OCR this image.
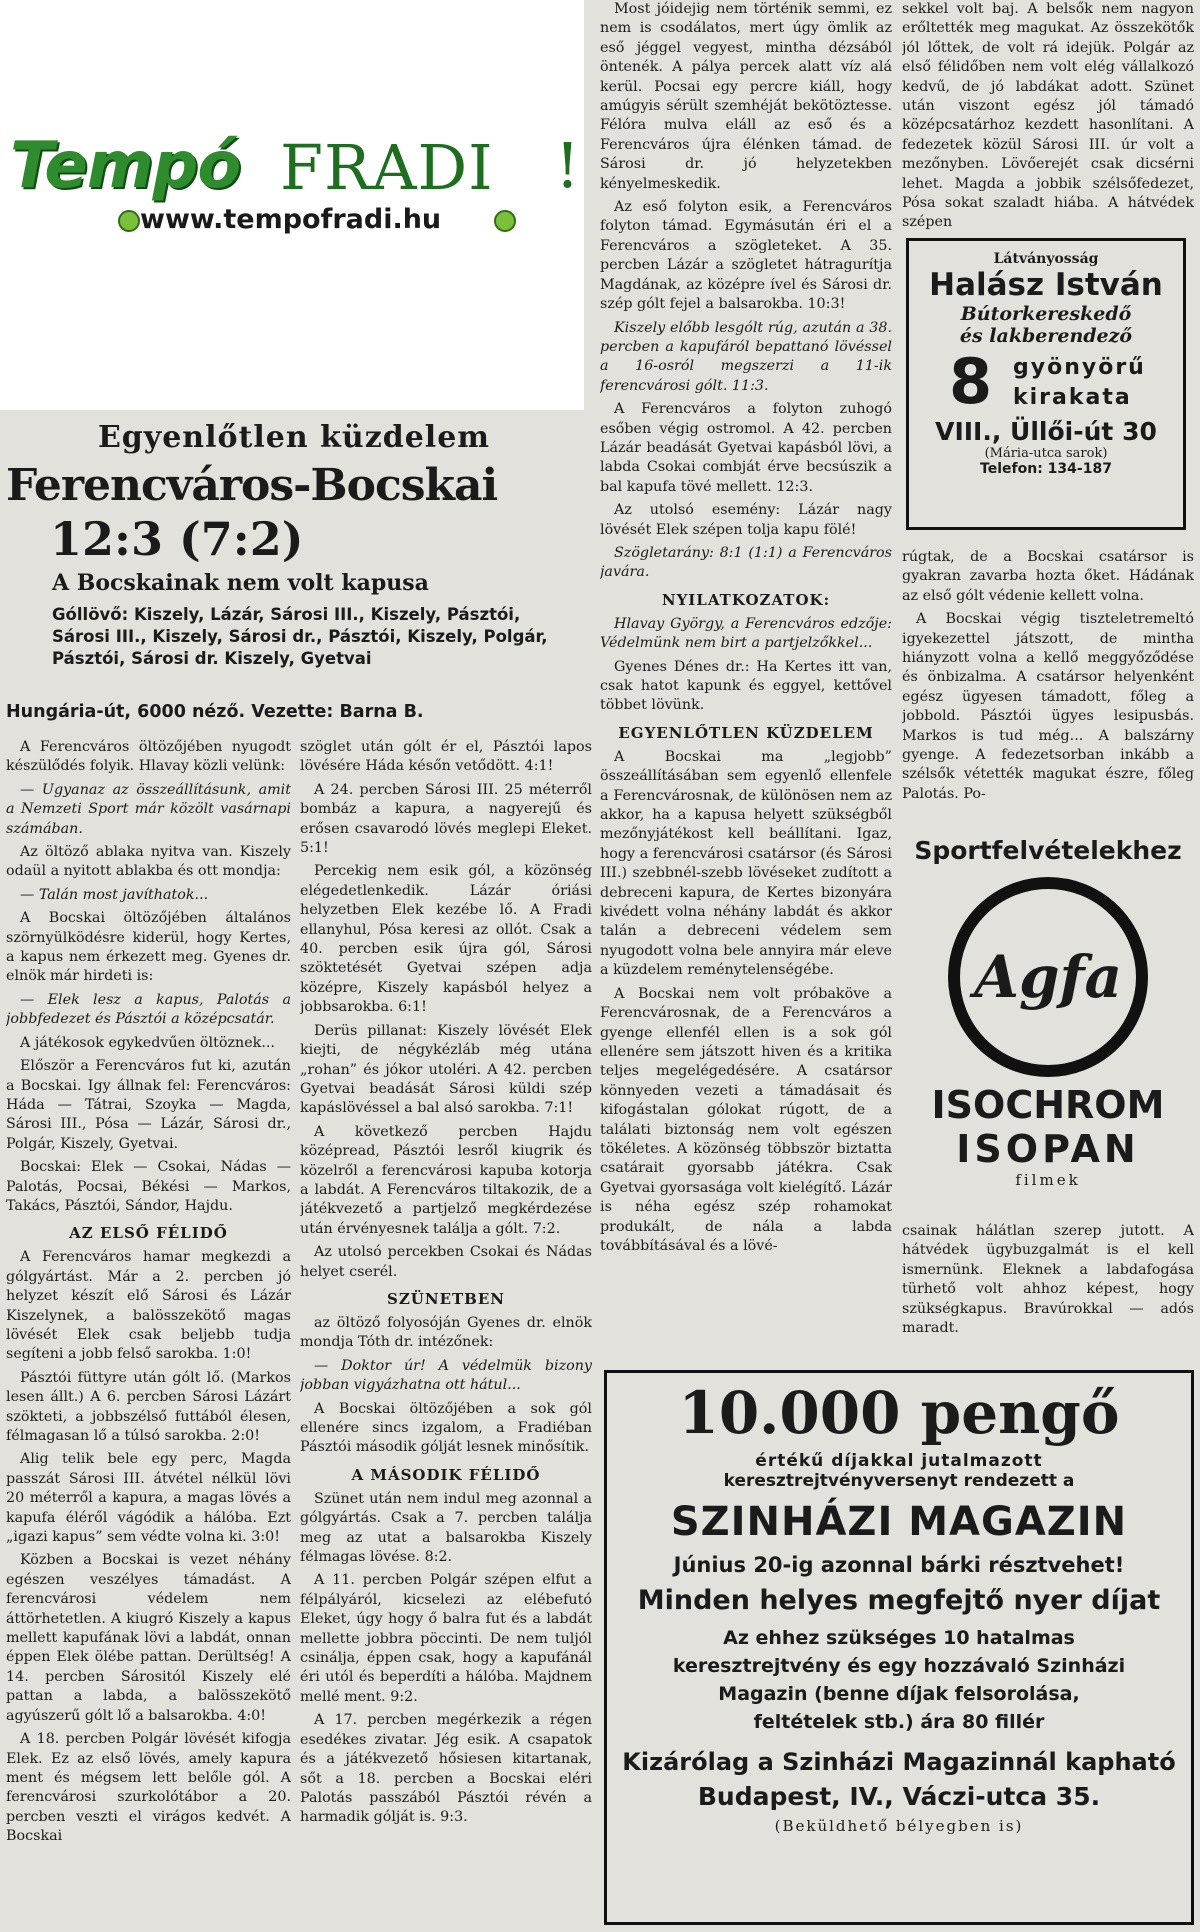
Tempó FRADI !
www.tempofradi.hu
Egyenlőtlen küzdelem
Ferencváros-Bocskai
12:3 (7:2)
A Bocskainak nem volt kapusa
Góllövő: Kiszely, Lázár, Sárosi III., Kiszely, Pásztói, Sárosi III., Kiszely, Sárosi dr., Pásztói, Kiszely, Polgár, Pásztói, Sárosi dr. Kiszely, Gyetvai
Hungária-út, 6000 néző. Vezette: Barna B.

A Ferencváros öltözőjében nyugodt készülődés folyik. Hlavay közli velünk:

— Ugyanaz az összeállításunk, amit a Nemzeti Sport már közölt vasárnapi számában.

Az öltöző ablaka nyitva van. Kiszely odaül a nyitott ablakba és ott mondja:

— Talán most javíthatok...

A Bocskai öltözőjében általános szörnyülködésre kiderül, hogy Kertes, a kapus nem érkezett meg. Gyenes dr. elnök már hirdeti is:

— Elek lesz a kapus, Palotás a jobbfedezet és Pásztói a középcsatár.

A játékosok egykedvűen öltöznek...

Először a Ferencváros fut ki, azután a Bocskai. Igy állnak fel: Ferencváros: Háda — Tátrai, Szoyka — Magda, Sárosi III., Pósa — Lázár, Sárosi dr., Polgár, Kiszely, Gyetvai.

Bocskai: Elek — Csokai, Nádas — Palotás, Pocsai, Békési — Markos, Takács, Pásztói, Sándor, Hajdu.

AZ ELSŐ FÉLIDŐ

A Ferencváros hamar megkezdi a gólgyártást. Már a 2. percben jó helyzet készít elő Sárosi és Lázár Kiszelynek, a balösszekötő magas lövését Elek csak beljebb tudja segíteni a jobb felső sarokba. 1:0!

Pásztói füttyre után gólt lő. (Markos lesen állt.) A 6. percben Sárosi Lázárt szökteti, a jobbszélső futtából élesen, félmagasan lő a túlsó sarokba. 2:0!

Alig telik bele egy perc, Magda passzát Sárosi III. átvétel nélkül lövi 20 méterről a kapura, a magas lövés a kapufa éléről vágódik a hálóba. Ezt „igazi kapus” sem védte volna ki. 3:0!

Közben a Bocskai is vezet néhány egészen veszélyes támadást. A ferencvárosi védelem nem áttörhetetlen. A kiugró Kiszely a kapus mellett kapufának lövi a labdát, onnan éppen Elek ölébe pattan. Derültség! A 14. percben Sárositól Kiszely elé pattan a labda, a balösszekötő agyúszerű gólt lő a balsarokba. 4:0!

A 18. percben Polgár lövését kifogja Elek. Ez az első lövés, amely kapura ment és mégsem lett belőle gól. A ferencvárosi szurkolótábor a 20. percben veszti el virágos kedvét. A Bocskai

szöglet után gólt ér el, Pásztói lapos lövésére Háda későn vetődött. 4:1!

A 24. percben Sárosi III. 25 méterről bombáz a kapura, a nagyerejű és erősen csavarodó lövés meglepi Eleket. 5:1!

Percekig nem esik gól, a közönség elégedetlenkedik. Lázár óriási helyzetben Elek kezébe lő. A Fradi ellanyhul, Pósa keresi az ollót. Csak a 40. percben esik újra gól, Sárosi szöktetését Gyetvai szépen adja középre, Kiszely kapásból helyez a jobbsarokba. 6:1!

Derüs pillanat: Kiszely lövését Elek kiejti, de négykézláb még utána „rohan” és jókor utoléri. A 42. percben Gyetvai beadását Sárosi küldi szép kapáslövéssel a bal alsó sarokba. 7:1!

A következő percben Hajdu középread, Pásztói lesről kiugrik és közelről a ferencvárosi kapuba kotorja a labdát. A Ferencváros tiltakozik, de a játékvezető a partjelző megkérdezése után érvényesnek találja a gólt. 7:2.

Az utolsó percekben Csokai és Nádas helyet cserél.

SZÜNETBEN

az öltöző folyosóján Gyenes dr. elnök mondja Tóth dr. intézőnek:

— Doktor úr! A védelmük bizony jobban vigyázhatna ott hátul...

A Bocskai öltözőjében a sok gól ellenére sincs izgalom, a Fradiéban Pásztói második gólját lesnek minősítik.

A MÁSODIK FÉLIDŐ

Szünet után nem indul meg azonnal a gólgyártás. Csak a 7. percben találja meg az utat a balsarokba Kiszely félmagas lövése. 8:2.

A 11. percben Polgár szépen elfut a félpályáról, kicselezi az elébefutó Eleket, úgy hogy ő balra fut és a labdát mellette jobbra pöccinti. De nem tuljól csinálja, éppen csak, hogy a kapufánál éri utól és beperdíti a hálóba. Majdnem mellé ment. 9:2.

A 17. percben megérkezik a régen esedékes zivatar. Jég esik. A csapatok és a játékvezető hősiesen kitartanak, sőt a 18. percben a Bocskai eléri Palotás passzából Pásztói révén a harmadik gólját is. 9:3.

Most jóidejig nem történik semmi, ez nem is csodálatos, mert úgy ömlik az eső jéggel vegyest, mintha dézsából öntenék. A pálya percek alatt víz alá kerül. Pocsai egy percre kiáll, hogy amúgyis sérült szemhéját bekötöztesse. Félóra mulva eláll az eső és a Ferencváros újra élénken támad. de Sárosi dr. jó helyzetekben kényelmeskedik.

Az eső folyton esik, a Ferencváros folyton támad. Egymásután éri el a Ferencváros a szögleteket. A 35. percben Lázár a szögletet hátragurítja Magdának, az középre ível és Sárosi dr. szép gólt fejel a balsarokba. 10:3!

Kiszely előbb lesgólt rúg, azután a 38. percben a kapufáról bepattanó lövéssel a 16-osról megszerzi a 11-ik ferencvárosi gólt. 11:3.

A Ferencváros a folyton zuhogó esőben végig ostromol. A 42. percben Lázár beadását Gyetvai kapásból lövi, a labda Csokai combját érve becsúszik a bal kapufa tövé mellett. 12:3.

Az utolsó esemény: Lázár nagy lövését Elek szépen tolja kapu fölé!

Szögletarány: 8:1 (1:1) a Ferencváros javára.

NYILATKOZATOK:

Hlavay György, a Ferencváros edzője: Védelmünk nem birt a partjelzőkkel...

Gyenes Dénes dr.: Ha Kertes itt van, csak hatot kapunk és eggyel, kettővel többet lövünk.

EGYENLŐTLEN KÜZDELEM

A Bocskai ma „legjobb” összeállításában sem egyenlő ellenfele a Ferencvárosnak, de különösen nem az akkor, ha a kapusa helyett szükségből mezőnyjátékost kell beállítani. Igaz, hogy a ferencvárosi csatársor (és Sárosi III.) szebbnél-szebb lövéseket zudított a debreceni kapura, de Kertes bizonyára kivédett volna néhány labdát és akkor talán a debreceni védelem sem nyugodott volna bele annyira már eleve a küzdelem reménytelenségébe.

A Bocskai nem volt próbaköve a Ferencvárosnak, de a Ferencváros a gyenge ellenfél ellen is a sok gól ellenére sem játszott hiven és a kritika teljes megelégedésére. A csatársor könnyeden vezeti a támadásait és kifogástalan gólokat rúgott, de a találati biztonság nem volt egészen tökéletes. A közönség többször biztatta csatárait gyorsabb játékra. Csak Gyetvai gyorsasága volt kielégítő. Lázár is néha egész szép rohamokat produkált, de nála a labda továbbításával és a lövé-

sekkel volt baj. A belsők nem nagyon erőltették meg magukat. Az összekötők jól lőttek, de volt rá idejük. Polgár az első félidőben nem volt elég vállalkozó kedvű, de jó labdákat adott. Szünet után viszont egész jól támadó középcsatárhoz kezdett hasonlítani. A fedezetek közül Sárosi III. úr volt a mezőnyben. Lövőerejét csak dicsérni lehet. Magda a jobbik szélsőfedezet, Pósa sokat szaladt hiába. A hátvédek szépen

Látványosság
Halász István
Bútorkereskedő
és lakberendező
8 gyönyörű
kirakata
VIII., Üllői-út 30
(Mária-utca sarok)
Telefon: 134-187

rúgtak, de a Bocskai csatársor is gyakran zavarba hozta őket. Hádának az első gólt védenie kellett volna.

A Bocskai végig tiszteletremeltó igyekezettel játszott, de mintha hiányzott volna a kellő meggyőződése és önbizalma. A csatársor helyenként egész ügyesen támadott, főleg a jobbold. Pásztói ügyes lesipusbás. Markos is tud még... A balszárny gyenge. A fedezetsorban inkább a szélsők vétették magukat észre, főleg Palotás. Po-

Sportfelvételekhez
Agfa
ISOCHROM
ISOPAN
filmek

csainak hálátlan szerep jutott. A hátvédek ügybuzgalmát is el kell ismernünk. Eleknek a labdafogása türhető volt ahhoz képest, hogy szükségkapus. Bravúrokkal — adós maradt.

10.000 pengő
értékű díjakkal jutalmazott
keresztrejtvényversenyt rendezett a
SZINHÁZI MAGAZIN
Június 20-ig azonnal bárki résztvehet!
Minden helyes megfejtő nyer díjat
Az ehhez szükséges 10 hatalmas keresztrejtvény és egy hozzávaló Szinházi Magazin (benne díjak felsorolása, feltételek stb.) ára 80 fillér
Kizárólag a Szinházi Magazinnál kapható
Budapest, IV., Váczi-utca 35.
(Beküldhető bélyegben is)
